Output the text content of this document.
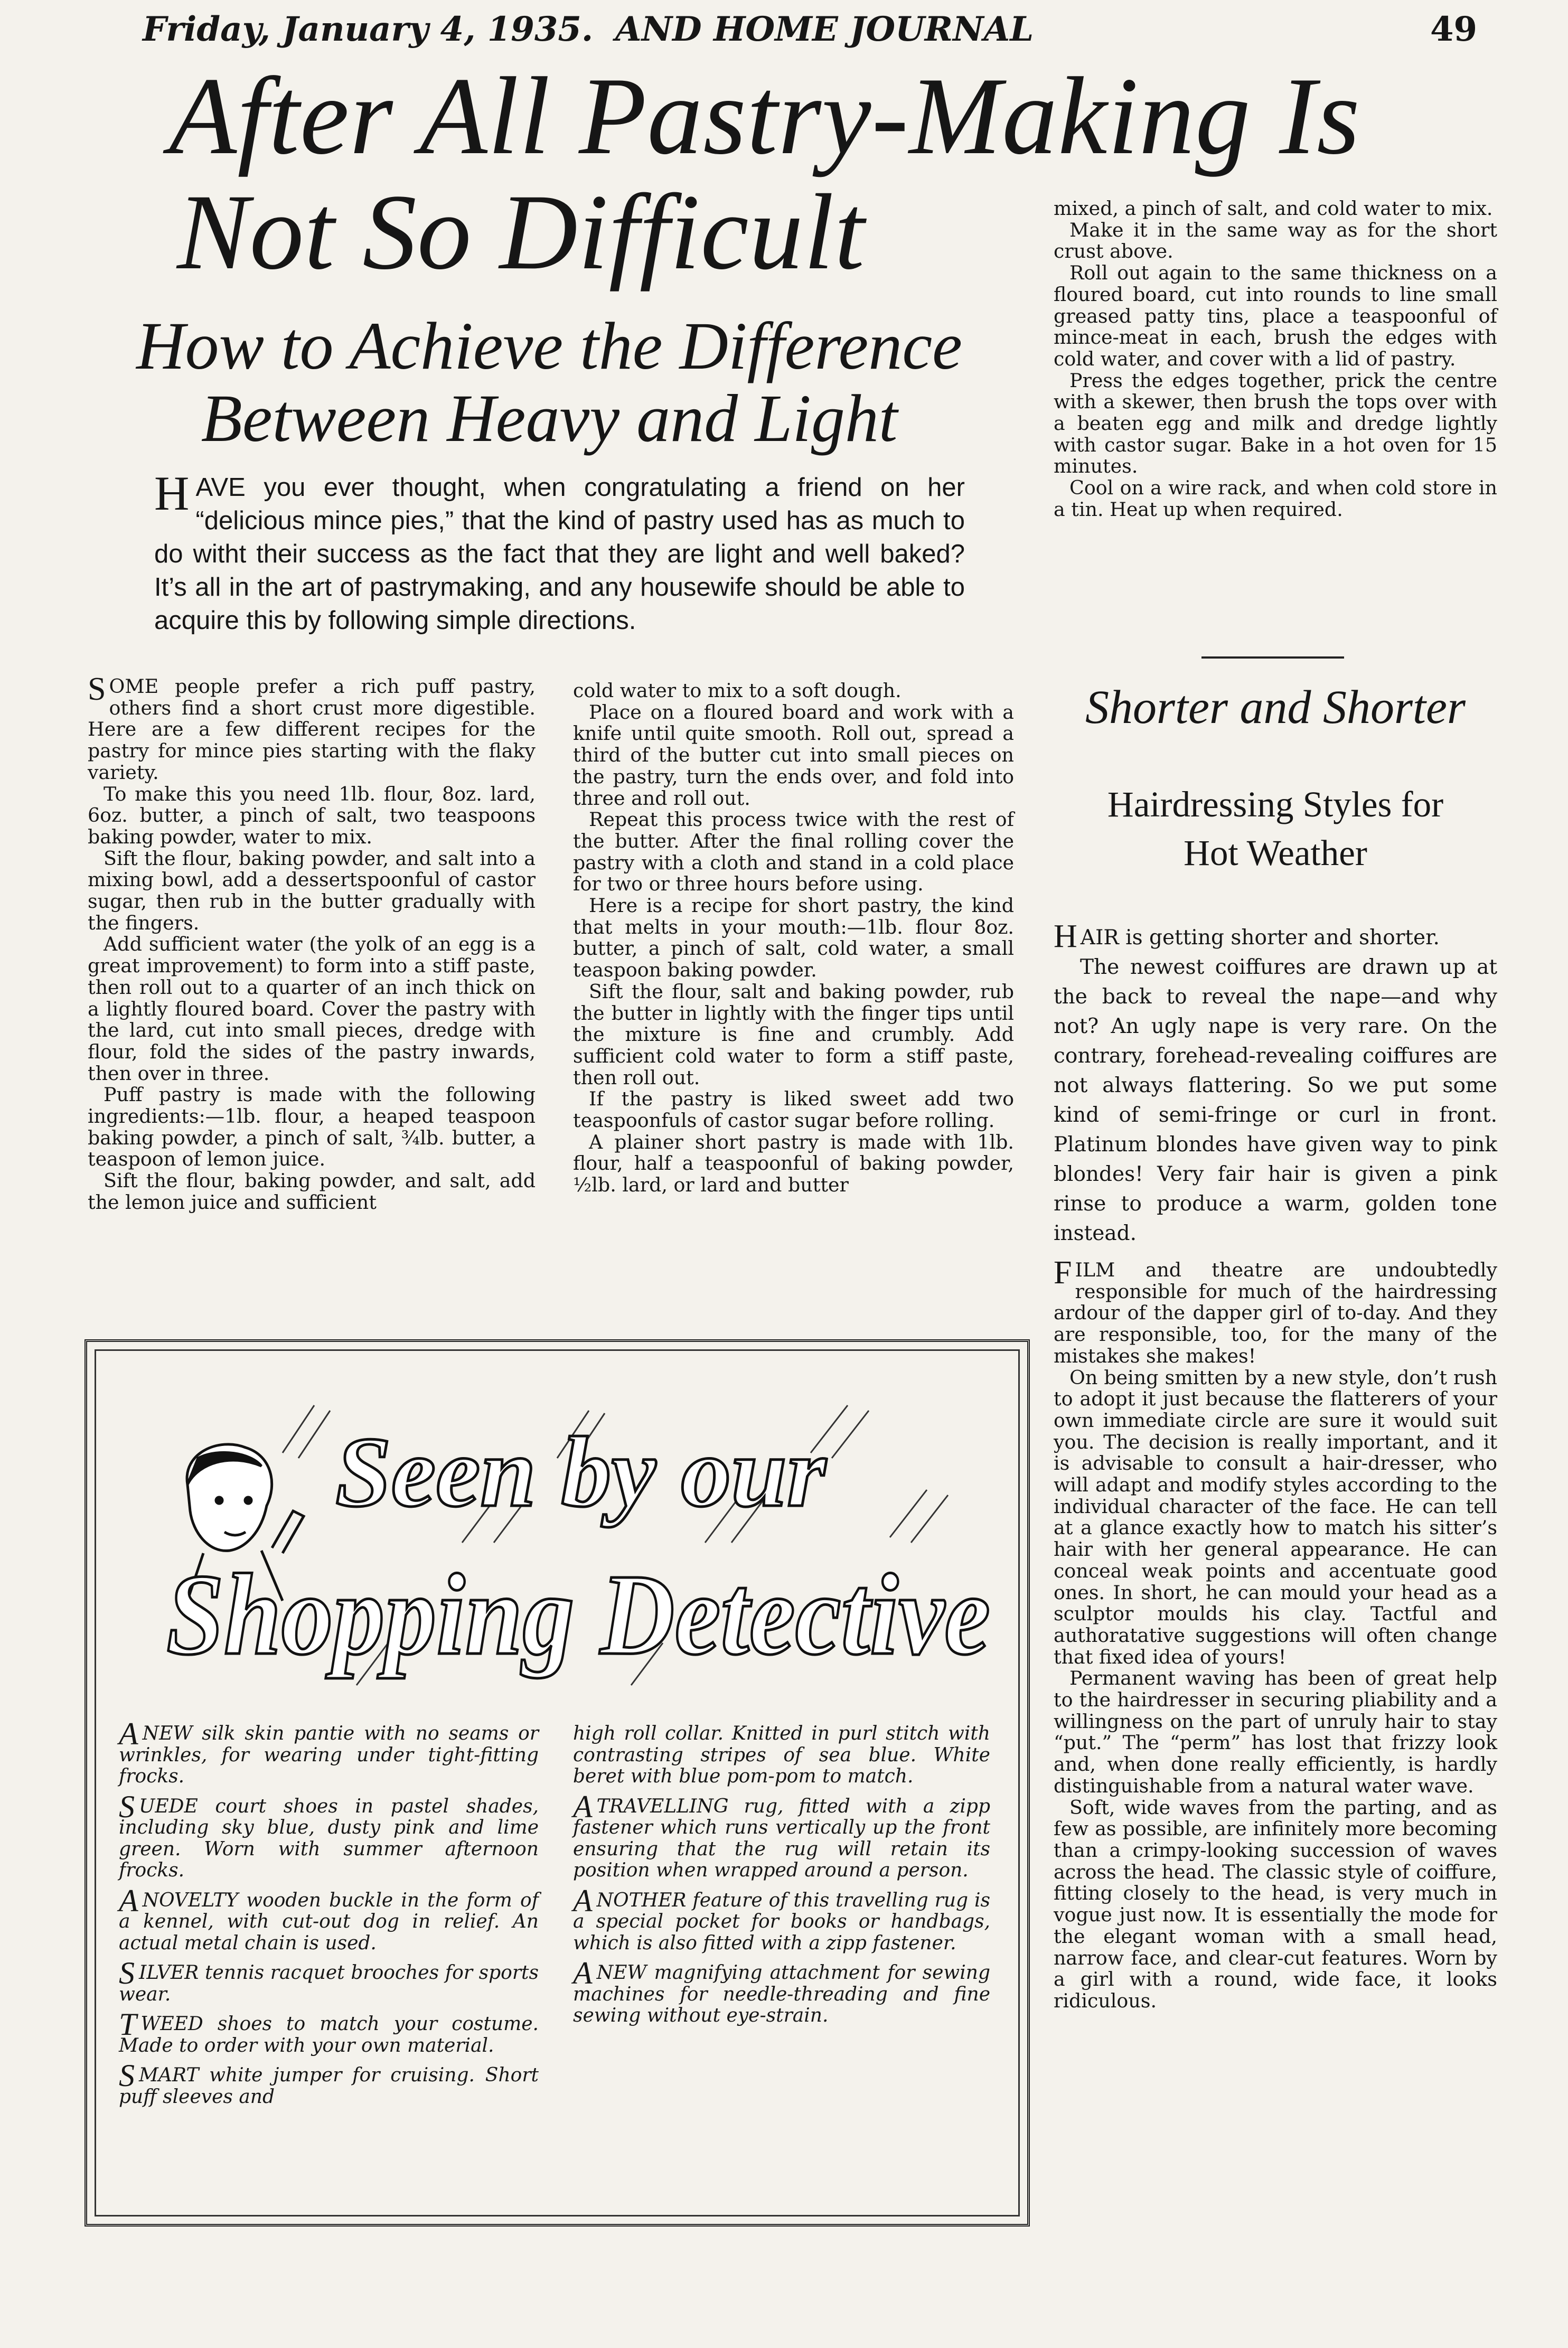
Friday, January 4, 1935. AND HOME JOURNAL	49
After All Pastry-Making Is
Not So Difficult
How to Achieve the Difference
Between Heavy and Light
HAVE you ever thought, when congratulating a friend on her “delicious mince pies,” that the kind of pastry used has as much to do witht their success as the fact that they are light and well baked? It’s all in the art of pastrymaking, and any housewife should be able to acquire this by following simple directions.

SOME people prefer a rich puff pastry, others find a short crust more digestible. Here are a few different recipes for the pastry for mince pies starting with the flaky variety.

To make this you need 1lb. flour, 8oz. lard, 6oz. butter, a pinch of salt, two teaspoons baking powder, water to mix.

Sift the flour, baking powder, and salt into a mixing bowl, add a dessertspoonful of castor sugar, then rub in the butter gradually with the fingers.

Add sufficient water (the yolk of an egg is a great improvement) to form into a stiff paste, then roll out to a quarter of an inch thick on a lightly floured board. Cover the pastry with the lard, cut into small pieces, dredge with flour, fold the sides of the pastry inwards, then over in three.

Puff pastry is made with the following ingredients:—1lb. flour, a heaped teaspoon baking powder, a pinch of salt, ¾lb. butter, a teaspoon of lemon juice.

Sift the flour, baking powder, and salt, add the lemon juice and sufficient

cold water to mix to a soft dough.

Place on a floured board and work with a knife until quite smooth. Roll out, spread a third of the butter cut into small pieces on the pastry, turn the ends over, and fold into three and roll out.

Repeat this process twice with the rest of the butter. After the final rolling cover the pastry with a cloth and stand in a cold place for two or three hours before using.

Here is a recipe for short pastry, the kind that melts in your mouth:—1lb. flour 8oz. butter, a pinch of salt, cold water, a small teaspoon baking powder.

Sift the flour, salt and baking powder, rub the butter in lightly with the finger tips until the mixture is fine and crumbly. Add sufficient cold water to form a stiff paste, then roll out.

If the pastry is liked sweet add two teaspoonfuls of castor sugar before rolling.

A plainer short pastry is made with 1lb. flour, half a teaspoonful of baking powder, ½lb. lard, or lard and butter

mixed, a pinch of salt, and cold water to mix.

Make it in the same way as for the short crust above.

Roll out again to the same thickness on a floured board, cut into rounds to line small greased patty tins, place a teaspoonful of mince-meat in each, brush the edges with cold water, and cover with a lid of pastry.

Press the edges together, prick the centre with a skewer, then brush the tops over with a beaten egg and milk and dredge lightly with castor sugar. Bake in a hot oven for 15 minutes.

Cool on a wire rack, and when cold store in a tin. Heat up when required.

Shorter and Shorter
Hairdressing Styles for
Hot Weather

HAIR is getting shorter and shorter.

The newest coiffures are drawn up at the back to reveal the nape—and why not? An ugly nape is very rare. On the contrary, forehead-revealing coiffures are not always flattering. So we put some kind of semi-fringe or curl in front. Platinum blondes have given way to pink blondes! Very fair hair is given a pink rinse to produce a warm, golden tone instead.

FILM and theatre are undoubtedly responsible for much of the hairdressing ardour of the dapper girl of to-day. And they are responsible, too, for the many of the mistakes she makes!

On being smitten by a new style, don’t rush to adopt it just because the flatterers of your own immediate circle are sure it would suit you. The decision is really important, and it is advisable to consult a hair-dresser, who will adapt and modify styles according to the individual character of the face. He can tell at a glance exactly how to match his sitter’s hair with her general appearance. He can conceal weak points and accentuate good ones. In short, he can mould your head as a sculptor moulds his clay. Tactful and authoratative suggestions will often change that fixed idea of yours!

Permanent waving has been of great help to the hairdresser in securing pliability and a willingness on the part of unruly hair to stay “put.” The “perm” has lost that frizzy look and, when done really efficiently, is hardly distinguishable from a natural water wave.

Soft, wide waves from the parting, and as few as possible, are infinitely more becoming than a crimpy-looking succession of waves across the head. The classic style of coiffure, fitting closely to the head, is very much in vogue just now. It is essentially the mode for the elegant woman with a small head, narrow face, and clear-cut features. Worn by a girl with a round, wide face, it looks ridiculous.

Seen by our
Shopping Detective

ANEW silk skin pantie with no seams or wrinkles, for wearing under tight-fitting frocks.

SUEDE court shoes in pastel shades, including sky blue, dusty pink and lime green. Worn with summer afternoon frocks.

ANOVELTY wooden buckle in the form of a kennel, with cut-out dog in relief. An actual metal chain is used.

SILVER tennis racquet brooches for sports wear.

TWEED shoes to match your costume. Made to order with your own material.

SMART white jumper for cruising. Short puff sleeves and

high roll collar. Knitted in purl stitch with contrasting stripes of sea blue. White beret with blue pom-pom to match.

ATRAVELLING rug, fitted with a zipp fastener which runs vertically up the front ensuring that the rug will retain its position when wrapped around a person.

ANOTHER feature of this travelling rug is a special pocket for books or handbags, which is also fitted with a zipp fastener.

ANEW magnifying attachment for sewing machines for needle-threading and fine sewing without eye-strain.
